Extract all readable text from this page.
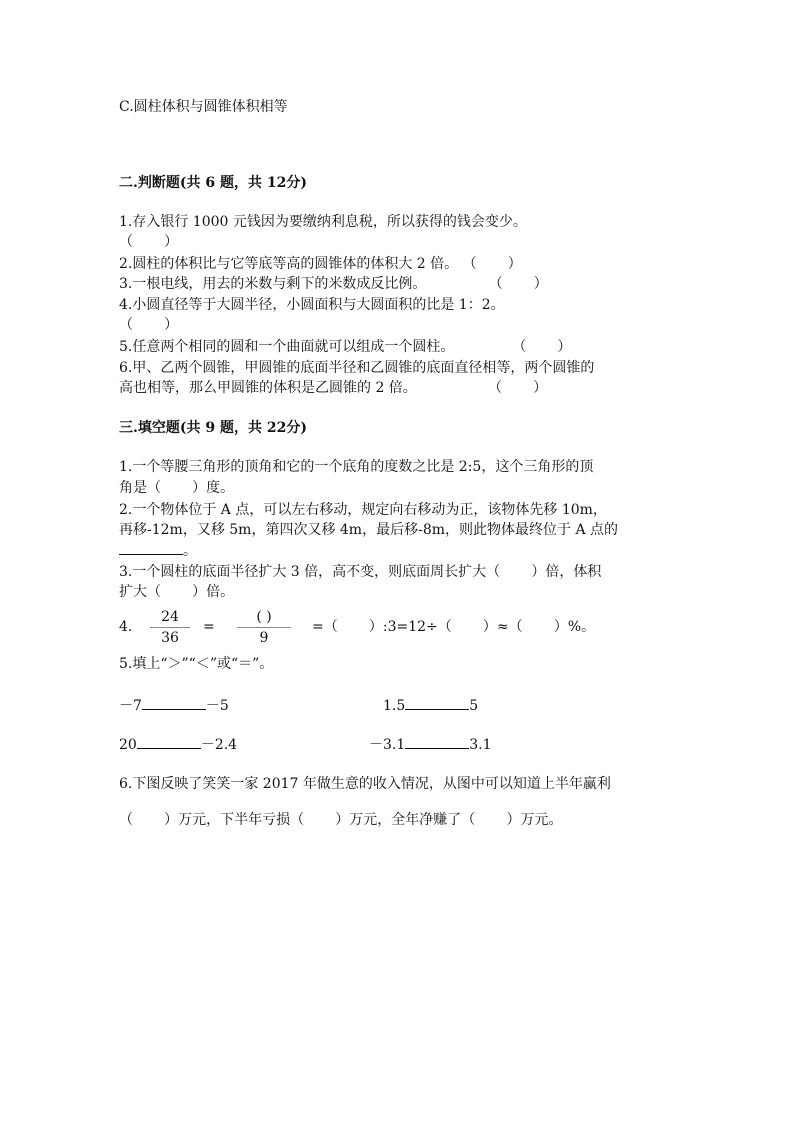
C.圆柱体积与圆锥体积相等
二.判断题(共 6 题，共 12分)
1.存入银行 1000 元钱因为要缴纳利息税，所以获得的钱会变少。
（       ）
2.圆柱的体积比与它等底等高的圆锥体的体积大 2 倍。 （       ）
3.一根电线，用去的米数与剩下的米数成反比例。              （       ）
4.小圆直径等于大圆半径，小圆面积与大圆面积的比是 1：2。
（       ）
5.任意两个相同的圆和一个曲面就可以组成一个圆柱。             （       ）
6.甲、乙两个圆锥，甲圆锥的底面半径和乙圆锥的底面直径相等，两个圆锥的
高也相等，那么甲圆锥的体积是乙圆锥的 2 倍。                （       ）
三.填空题(共 9 题，共 22分)
1.一个等腰三角形的顶角和它的一个底角的度数之比是 2:5，这个三角形的顶
角是（       ）度。
2.一个物体位于 A 点，可以左右移动，规定向右移动为正，该物体先移 10m，
再移-12m，又移 5m，第四次又移 4m，最后移-8m，则此物体最终位于 A 点的
。
3.一个圆柱的底面半径扩大 3 倍，高不变，则底面周长扩大（       ）倍，体积
扩大（       ）倍。
4.
24
36
=
( )
9
=（       ）:3=12÷（       ）≈（       ）%。
5.填上“＞”“＜”或“＝”。
－7	－5	1.5	5
20	－2.4	－3.1	3.1
6.下图反映了笑笑一家 2017 年做生意的收入情况，从图中可以知道上半年赢利
（       ）万元，下半年亏损（       ）万元，全年净赚了（       ）万元。
